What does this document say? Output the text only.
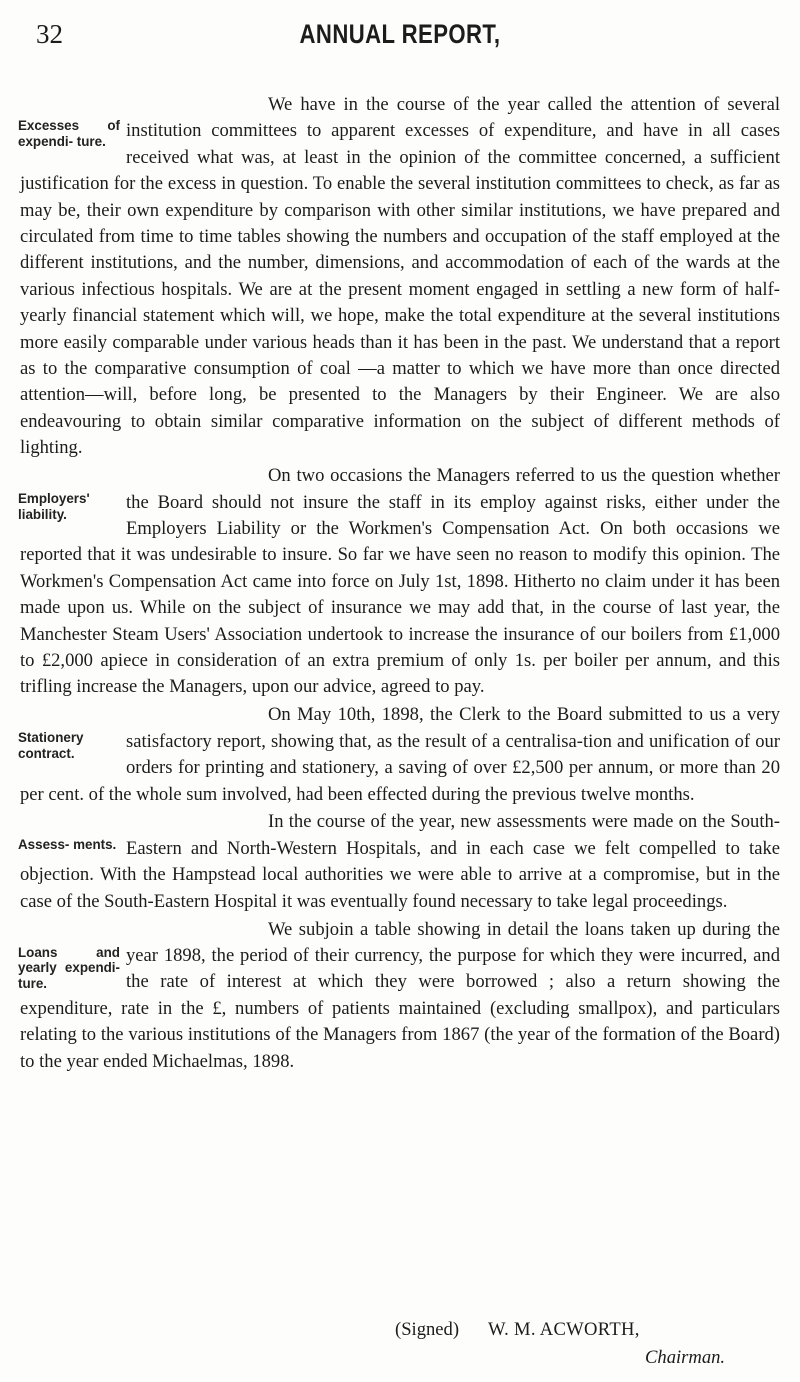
32	ANNUAL REPORT,
Excesses of expendi- ture.
We have in the course of the year called the attention of several institution committees to apparent excesses of expenditure, and have in all cases received what was, at least in the opinion of the committee concerned, a sufficient justification for the excess in question. To enable the several institution committees to check, as far as may be, their own expenditure by comparison with other similar institutions, we have prepared and circulated from time to time tables showing the numbers and occupation of the staff employed at the different institutions, and the number, dimensions, and accommodation of each of the wards at the various infectious hospitals. We are at the present moment engaged in settling a new form of half-yearly financial statement which will, we hope, make the total expenditure at the several institutions more easily comparable under various heads than it has been in the past. We understand that a report as to the comparative consumption of coal —a matter to which we have more than once directed attention—will, before long, be presented to the Managers by their Engineer. We are also endeavouring to obtain similar comparative information on the subject of different methods of lighting.
Employers' liability.
On two occasions the Managers referred to us the question whether the Board should not insure the staff in its employ against risks, either under the Employers Liability or the Workmen's Compensation Act. On both occasions we reported that it was undesirable to insure. So far we have seen no reason to modify this opinion. The Workmen's Compensation Act came into force on July 1st, 1898. Hitherto no claim under it has been made upon us. While on the subject of insurance we may add that, in the course of last year, the Manchester Steam Users' Association undertook to increase the insurance of our boilers from £1,000 to £2,000 apiece in consideration of an extra premium of only 1s. per boiler per annum, and this trifling increase the Managers, upon our advice, agreed to pay.
Stationery contract.
On May 10th, 1898, the Clerk to the Board submitted to us a very satisfactory report, showing that, as the result of a centralisa-tion and unification of our orders for printing and stationery, a saving of over £2,500 per annum, or more than 20 per cent. of the whole sum involved, had been effected during the previous twelve months.
Assess- ments.
In the course of the year, new assessments were made on the South-Eastern and North-Western Hospitals, and in each case we felt compelled to take objection. With the Hampstead local authorities we were able to arrive at a compromise, but in the case of the South-Eastern Hospital it was eventually found necessary to take legal proceedings.
Loans and yearly expendi- ture.
We subjoin a table showing in detail the loans taken up during the year 1898, the period of their currency, the purpose for which they were incurred, and the rate of interest at which they were borrowed ; also a return showing the expenditure, rate in the £, numbers of patients maintained (excluding smallpox), and particulars relating to the various institutions of the Managers from 1867 (the year of the formation of the Board) to the year ended Michaelmas, 1898.
(Signed) W. M. ACWORTH,
Chairman.
